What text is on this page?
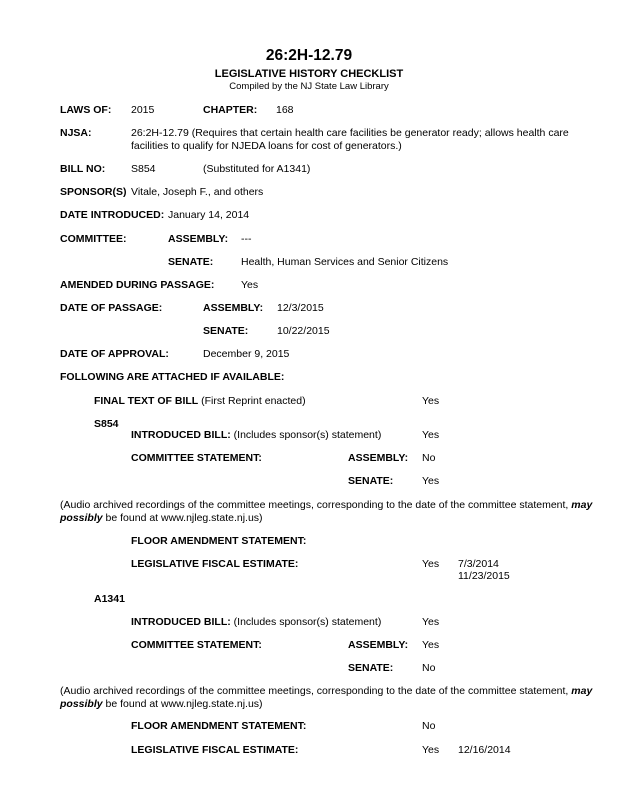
26:2H-12.79
LEGISLATIVE HISTORY CHECKLIST
Compiled by the NJ State Law Library
LAWS OF: 2015	CHAPTER: 168
NJSA:	26:2H-12.79 (Requires that certain health care facilities be generator ready; allows health care facilities to qualify for NJEDA loans for cost of generators.)
BILL NO: S854	(Substituted for A1341)
SPONSOR(S) Vitale, Joseph F., and others
DATE INTRODUCED: January 14, 2014
COMMITTEE:	ASSEMBLY: ---
SENATE:	Health, Human Services and Senior Citizens
AMENDED DURING PASSAGE:	Yes
DATE OF PASSAGE:	ASSEMBLY: 12/3/2015
SENATE:	10/22/2015
DATE OF APPROVAL:	December 9, 2015
FOLLOWING ARE ATTACHED IF AVAILABLE:
FINAL TEXT OF BILL (First Reprint enacted)	Yes
S854
INTRODUCED BILL: (Includes sponsor(s) statement)	Yes
COMMITTEE STATEMENT:	ASSEMBLY: No
SENATE:	Yes
(Audio archived recordings of the committee meetings, corresponding to the date of the committee statement, may possibly be found at www.njleg.state.nj.us)
FLOOR AMENDMENT STATEMENT:
LEGISLATIVE FISCAL ESTIMATE:	Yes 7/3/2014
11/23/2015
A1341
INTRODUCED BILL: (Includes sponsor(s) statement)	Yes
COMMITTEE STATEMENT:	ASSEMBLY: Yes
SENATE:	No
(Audio archived recordings of the committee meetings, corresponding to the date of the committee statement, may possibly be found at www.njleg.state.nj.us)
FLOOR AMENDMENT STATEMENT:	No
LEGISLATIVE FISCAL ESTIMATE:	Yes 12/16/2014
